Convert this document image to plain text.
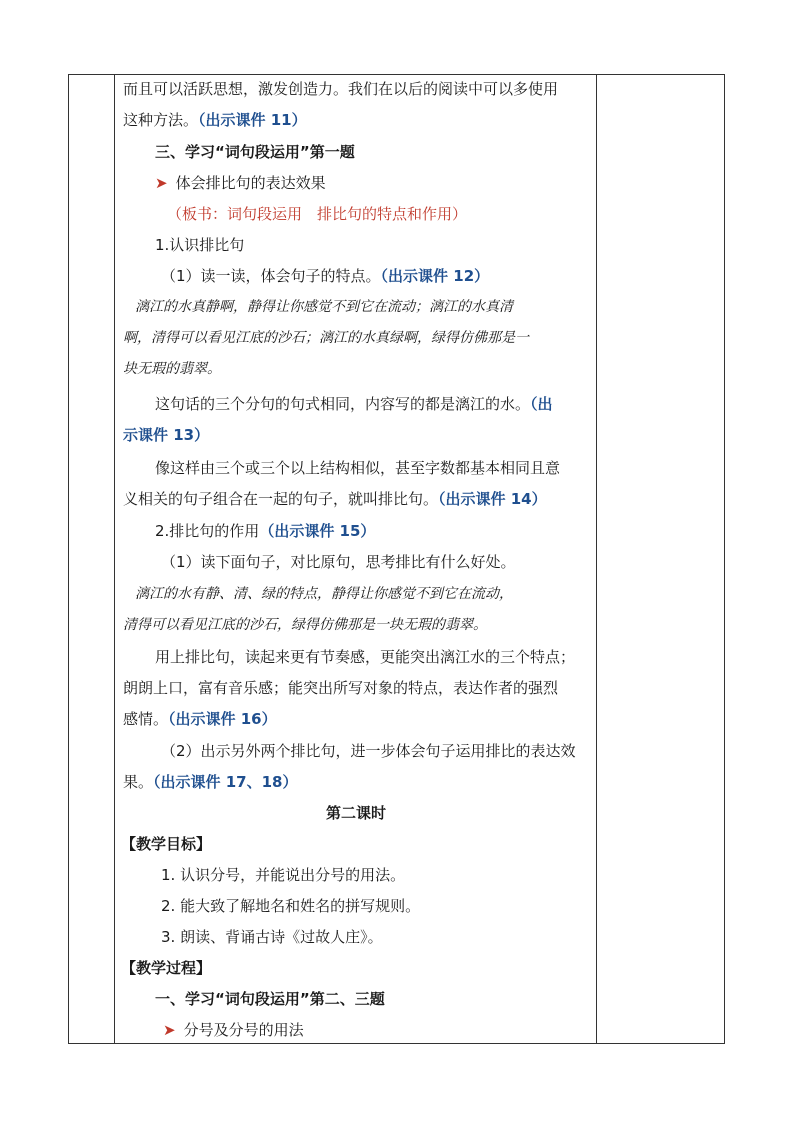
而且可以活跃思想，激发创造力。我们在以后的阅读中可以多使用
这种方法。（出示课件 11）
三、学习“词句段运用”第一题
➤ 体会排比句的表达效果
（板书：词句段运用　排比句的特点和作用）
1.认识排比句
（1）读一读，体会句子的特点。（出示课件 12）
漓江的水真静啊，静得让你感觉不到它在流动；漓江的水真清
啊，清得可以看见江底的沙石；漓江的水真绿啊，绿得仿佛那是一
块无瑕的翡翠。
这句话的三个分句的句式相同，内容写的都是漓江的水。（出
示课件 13）
像这样由三个或三个以上结构相似，甚至字数都基本相同且意
义相关的句子组合在一起的句子，就叫排比句。（出示课件 14）
2.排比句的作用（出示课件 15）
（1）读下面句子，对比原句，思考排比有什么好处。
漓江的水有静、清、绿的特点，静得让你感觉不到它在流动，
清得可以看见江底的沙石，绿得仿佛那是一块无瑕的翡翠。
用上排比句，读起来更有节奏感，更能突出漓江水的三个特点；
朗朗上口，富有音乐感；能突出所写对象的特点，表达作者的强烈
感情。（出示课件 16）
（2）出示另外两个排比句，进一步体会句子运用排比的表达效
果。（出示课件 17、18）
第二课时
【教学目标】
1. 认识分号，并能说出分号的用法。
2. 能大致了解地名和姓名的拼写规则。
3. 朗读、背诵古诗《过故人庄》。
【教学过程】
一、学习“词句段运用”第二、三题
➤ 分号及分号的用法
